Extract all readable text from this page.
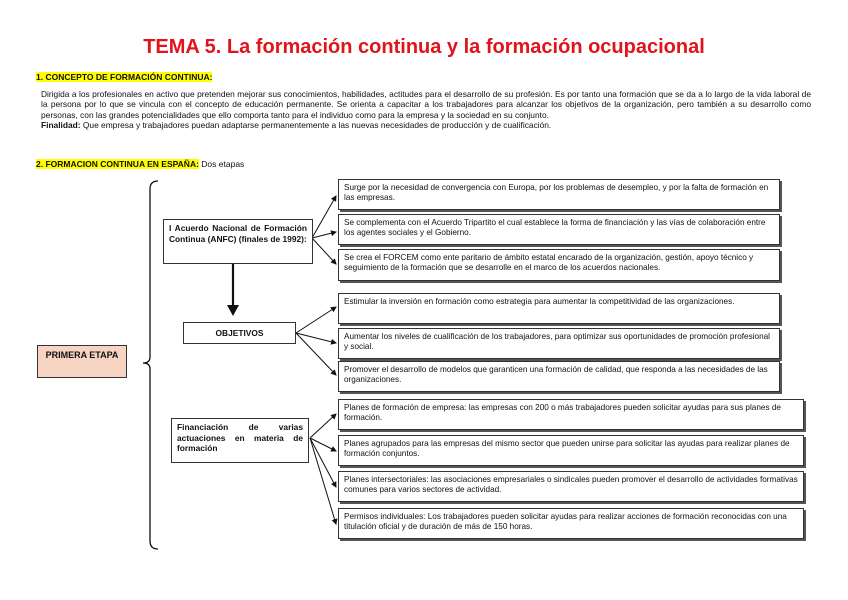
TEMA 5. La formación continua y la formación ocupacional
1. CONCEPTO DE FORMACIÓN CONTINUA:
Dirigida a los profesionales en activo que pretenden mejorar sus conocimientos, habilidades, actitudes para el desarrollo de su profesión. Es por tanto una formación que se da a lo largo de la vida laboral de la persona por lo que se vincula con el concepto de educación permanente. Se orienta a capacitar a los trabajadores para alcanzar los objetivos de la organización, pero también a su desarrollo como personas, con las grandes potencialidades que ello comporta tanto para el individuo como para la empresa y la sociedad en su conjunto.
Finalidad: Que empresa y trabajadores puedan adaptarse permanentemente a las nuevas necesidades de producción y de cualificación.
2. FORMACION CONTINUA EN ESPAÑA: Dos etapas
PRIMERA ETAPA
I Acuerdo Nacional de Formación Continua (ANFC) (finales de 1992):
OBJETIVOS
Financiación de varias actuaciones en materia de formación
Surge por la necesidad de convergencia con Europa, por los problemas de desempleo, y por la falta de formación en las empresas.
Se complementa con el Acuerdo Tripartito el cual establece la forma de financiación y las vías de colaboración entre los agentes sociales y el Gobierno.
Se crea el FORCEM como ente paritario de ámbito estatal encarado de la organización, gestión, apoyo técnico y seguimiento de la formación que se desarrolle en el marco de los acuerdos nacionales.
Estimular la inversión en formación como estrategia para aumentar la competitividad de las organizaciones.
Aumentar los niveles de cualificación de los trabajadores, para optimizar sus oportunidades de promoción profesional y social.
Promover el desarrollo de modelos que garanticen una formación de calidad, que responda a las necesidades de las organizaciones.
Planes de formación de empresa: las empresas con 200 o más trabajadores pueden solicitar ayudas para sus planes de formación.
Planes agrupados para las empresas del mismo sector que pueden unirse para solicitar las ayudas para realizar planes de formación conjuntos.
Planes intersectoriales: las asociaciones empresariales o sindicales pueden promover el desarrollo de actividades formativas comunes para varios sectores de actividad.
Permisos individuales: Los trabajadores pueden solicitar ayudas para realizar acciones de formación reconocidas con una titulación oficial y de duración de más de 150 horas.
